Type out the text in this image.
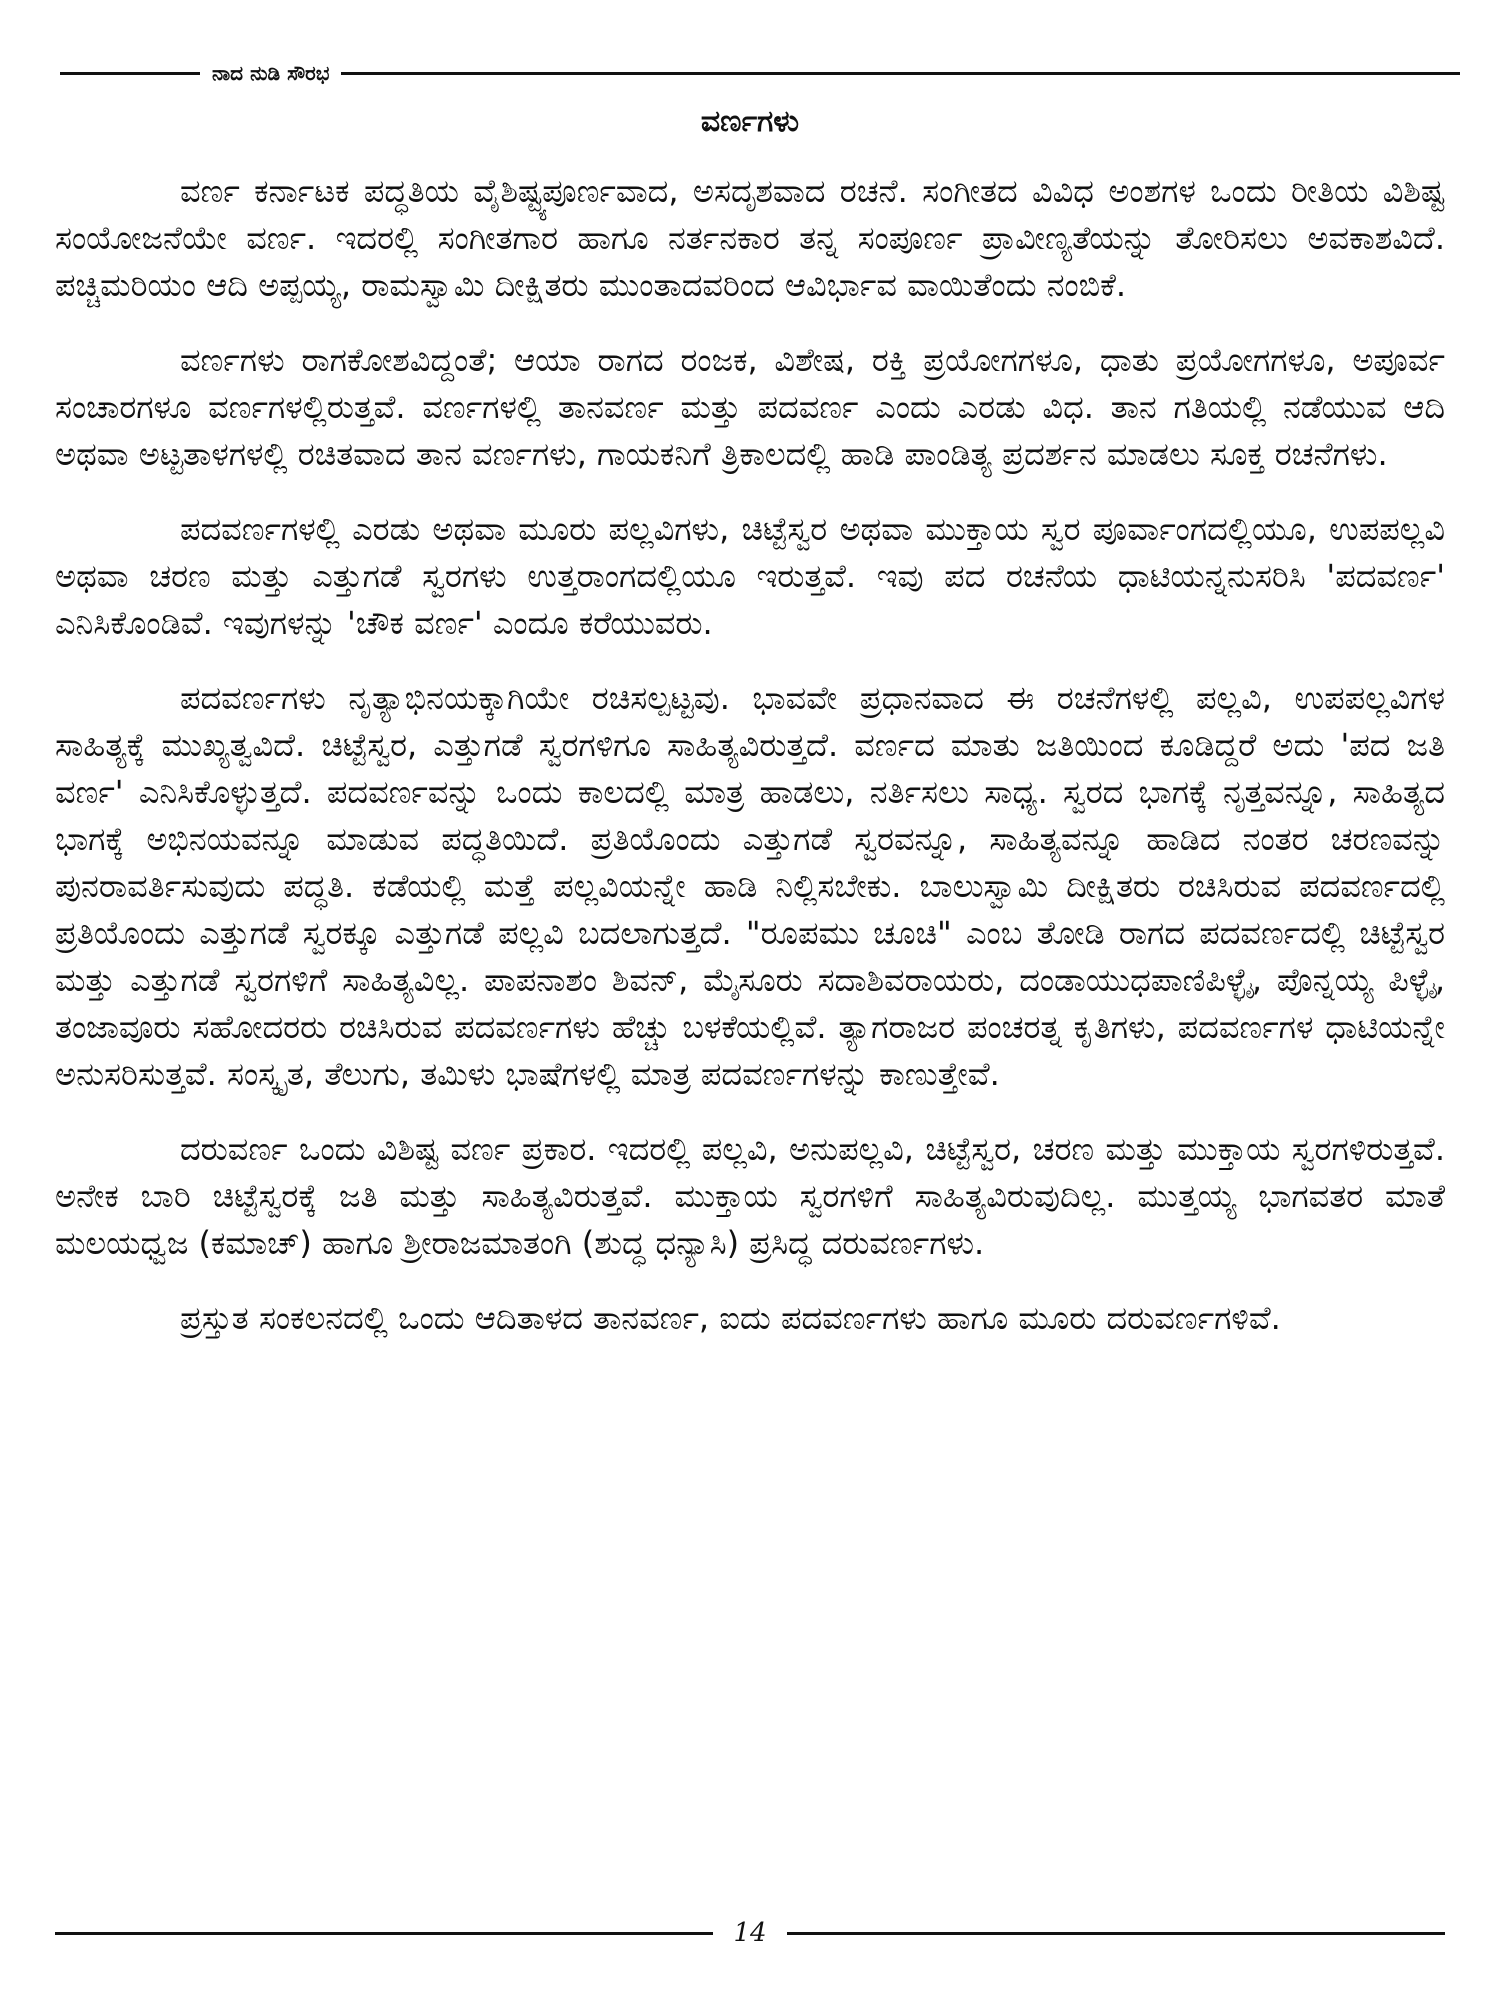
ನಾದ ನುಡಿ ಸೌರಭ
ವರ್ಣಗಳು

ವರ್ಣ ಕರ್ನಾಟಕ ಪದ್ಧತಿಯ ವೈಶಿಷ್ಟ್ಯಪೂರ್ಣವಾದ, ಅಸದೃಶವಾದ ರಚನೆ. ಸಂಗೀತದ ವಿವಿಧ ಅಂಶಗಳ ಒಂದು ರೀತಿಯ ವಿಶಿಷ್ಟ ಸಂಯೋಜನೆಯೇ ವರ್ಣ. ಇದರಲ್ಲಿ ಸಂಗೀತಗಾರ ಹಾಗೂ ನರ್ತನಕಾರ ತನ್ನ ಸಂಪೂರ್ಣ ಪ್ರಾವೀಣ್ಯತೆಯನ್ನು ತೋರಿಸಲು ಅವಕಾಶವಿದೆ. ಪಚ್ಚಿಮರಿಯಂ ಆದಿ ಅಪ್ಪಯ್ಯ, ರಾಮಸ್ವಾಮಿ ದೀಕ್ಷಿತರು ಮುಂತಾದವರಿಂದ ಆವಿರ್ಭಾವ ವಾಯಿತೆಂದು ನಂಬಿಕೆ.

ವರ್ಣಗಳು ರಾಗಕೋಶವಿದ್ದಂತೆ; ಆಯಾ ರಾಗದ ರಂಜಕ, ವಿಶೇಷ, ರಕ್ತಿ ಪ್ರಯೋಗಗಳೂ, ಧಾತು ಪ್ರಯೋಗಗಳೂ, ಅಪೂರ್ವ ಸಂಚಾರಗಳೂ ವರ್ಣಗಳಲ್ಲಿರುತ್ತವೆ. ವರ್ಣಗಳಲ್ಲಿ ತಾನವರ್ಣ ಮತ್ತು ಪದವರ್ಣ ಎಂದು ಎರಡು ವಿಧ. ತಾನ ಗತಿಯಲ್ಲಿ ನಡೆಯುವ ಆದಿ ಅಥವಾ ಅಟ್ಟತಾಳಗಳಲ್ಲಿ ರಚಿತವಾದ ತಾನ ವರ್ಣಗಳು, ಗಾಯಕನಿಗೆ ತ್ರಿಕಾಲದಲ್ಲಿ ಹಾಡಿ ಪಾಂಡಿತ್ಯ ಪ್ರದರ್ಶನ ಮಾಡಲು ಸೂಕ್ತ ರಚನೆಗಳು.

ಪದವರ್ಣಗಳಲ್ಲಿ ಎರಡು ಅಥವಾ ಮೂರು ಪಲ್ಲವಿಗಳು, ಚಿಟ್ಟೆಸ್ವರ ಅಥವಾ ಮುಕ್ತಾಯ ಸ್ವರ ಪೂರ್ವಾಂಗದಲ್ಲಿಯೂ, ಉಪಪಲ್ಲವಿ ಅಥವಾ ಚರಣ ಮತ್ತು ಎತ್ತುಗಡೆ ಸ್ವರಗಳು ಉತ್ತರಾಂಗದಲ್ಲಿಯೂ ಇರುತ್ತವೆ. ಇವು ಪದ ರಚನೆಯ ಧಾಟಿಯನ್ನನುಸರಿಸಿ 'ಪದವರ್ಣ' ಎನಿಸಿಕೊಂಡಿವೆ. ಇವುಗಳನ್ನು 'ಚೌಕ ವರ್ಣ' ಎಂದೂ ಕರೆಯುವರು.

ಪದವರ್ಣಗಳು ನೃತ್ಯಾಭಿನಯಕ್ಕಾಗಿಯೇ ರಚಿಸಲ್ಪಟ್ಟವು. ಭಾವವೇ ಪ್ರಧಾನವಾದ ಈ ರಚನೆಗಳಲ್ಲಿ ಪಲ್ಲವಿ, ಉಪಪಲ್ಲವಿಗಳ ಸಾಹಿತ್ಯಕ್ಕೆ ಮುಖ್ಯತ್ವವಿದೆ. ಚಿಟ್ಟೆಸ್ವರ, ಎತ್ತುಗಡೆ ಸ್ವರಗಳಿಗೂ ಸಾಹಿತ್ಯವಿರುತ್ತದೆ. ವರ್ಣದ ಮಾತು ಜತಿಯಿಂದ ಕೂಡಿದ್ದರೆ ಅದು 'ಪದ ಜತಿ ವರ್ಣ' ಎನಿಸಿಕೊಳ್ಳುತ್ತದೆ. ಪದವರ್ಣವನ್ನು ಒಂದು ಕಾಲದಲ್ಲಿ ಮಾತ್ರ ಹಾಡಲು, ನರ್ತಿಸಲು ಸಾಧ್ಯ. ಸ್ವರದ ಭಾಗಕ್ಕೆ ನೃತ್ತವನ್ನೂ, ಸಾಹಿತ್ಯದ ಭಾಗಕ್ಕೆ ಅಭಿನಯವನ್ನೂ ಮಾಡುವ ಪದ್ಧತಿಯಿದೆ. ಪ್ರತಿಯೊಂದು ಎತ್ತುಗಡೆ ಸ್ವರವನ್ನೂ, ಸಾಹಿತ್ಯವನ್ನೂ ಹಾಡಿದ ನಂತರ ಚರಣವನ್ನು ಪುನರಾವರ್ತಿಸುವುದು ಪದ್ಧತಿ. ಕಡೆಯಲ್ಲಿ ಮತ್ತೆ ಪಲ್ಲವಿಯನ್ನೇ ಹಾಡಿ ನಿಲ್ಲಿಸಬೇಕು. ಬಾಲುಸ್ವಾಮಿ ದೀಕ್ಷಿತರು ರಚಿಸಿರುವ ಪದವರ್ಣದಲ್ಲಿ ಪ್ರತಿಯೊಂದು ಎತ್ತುಗಡೆ ಸ್ವರಕ್ಕೂ ಎತ್ತುಗಡೆ ಪಲ್ಲವಿ ಬದಲಾಗುತ್ತದೆ. "ರೂಪಮು ಚೂಚಿ" ಎಂಬ ತೋಡಿ ರಾಗದ ಪದವರ್ಣದಲ್ಲಿ ಚಿಟ್ಟೆಸ್ವರ ಮತ್ತು ಎತ್ತುಗಡೆ ಸ್ವರಗಳಿಗೆ ಸಾಹಿತ್ಯವಿಲ್ಲ. ಪಾಪನಾಶಂ ಶಿವನ್, ಮೈಸೂರು ಸದಾಶಿವರಾಯರು, ದಂಡಾಯುಧಪಾಣಿಪಿಳ್ಳೈ, ಪೊನ್ನಯ್ಯ ಪಿಳ್ಳೈ, ತಂಜಾವೂರು ಸಹೋದರರು ರಚಿಸಿರುವ ಪದವರ್ಣಗಳು ಹೆಚ್ಚು ಬಳಕೆಯಲ್ಲಿವೆ. ತ್ಯಾಗರಾಜರ ಪಂಚರತ್ನ ಕೃತಿಗಳು, ಪದವರ್ಣಗಳ ಧಾಟಿಯನ್ನೇ ಅನುಸರಿಸುತ್ತವೆ. ಸಂಸ್ಕೃತ, ತೆಲುಗು, ತಮಿಳು ಭಾಷೆಗಳಲ್ಲಿ ಮಾತ್ರ ಪದವರ್ಣಗಳನ್ನು ಕಾಣುತ್ತೇವೆ.

ದರುವರ್ಣ ಒಂದು ವಿಶಿಷ್ಟ ವರ್ಣ ಪ್ರಕಾರ. ಇದರಲ್ಲಿ ಪಲ್ಲವಿ, ಅನುಪಲ್ಲವಿ, ಚಿಟ್ಟೆಸ್ವರ, ಚರಣ ಮತ್ತು ಮುಕ್ತಾಯ ಸ್ವರಗಳಿರುತ್ತವೆ. ಅನೇಕ ಬಾರಿ ಚಿಟ್ಟೆಸ್ವರಕ್ಕೆ ಜತಿ ಮತ್ತು ಸಾಹಿತ್ಯವಿರುತ್ತವೆ. ಮುಕ್ತಾಯ ಸ್ವರಗಳಿಗೆ ಸಾಹಿತ್ಯವಿರುವುದಿಲ್ಲ. ಮುತ್ತಯ್ಯ ಭಾಗವತರ ಮಾತೆ ಮಲಯಧ್ವಜ (ಕಮಾಚ್) ಹಾಗೂ ಶ್ರೀರಾಜಮಾತಂಗಿ (ಶುದ್ಧ ಧನ್ಯಾಸಿ) ಪ್ರಸಿದ್ಧ ದರುವರ್ಣಗಳು.

ಪ್ರಸ್ತುತ ಸಂಕಲನದಲ್ಲಿ ಒಂದು ಆದಿತಾಳದ ತಾನವರ್ಣ, ಐದು ಪದವರ್ಣಗಳು ಹಾಗೂ ಮೂರು ದರುವರ್ಣಗಳಿವೆ.

14
